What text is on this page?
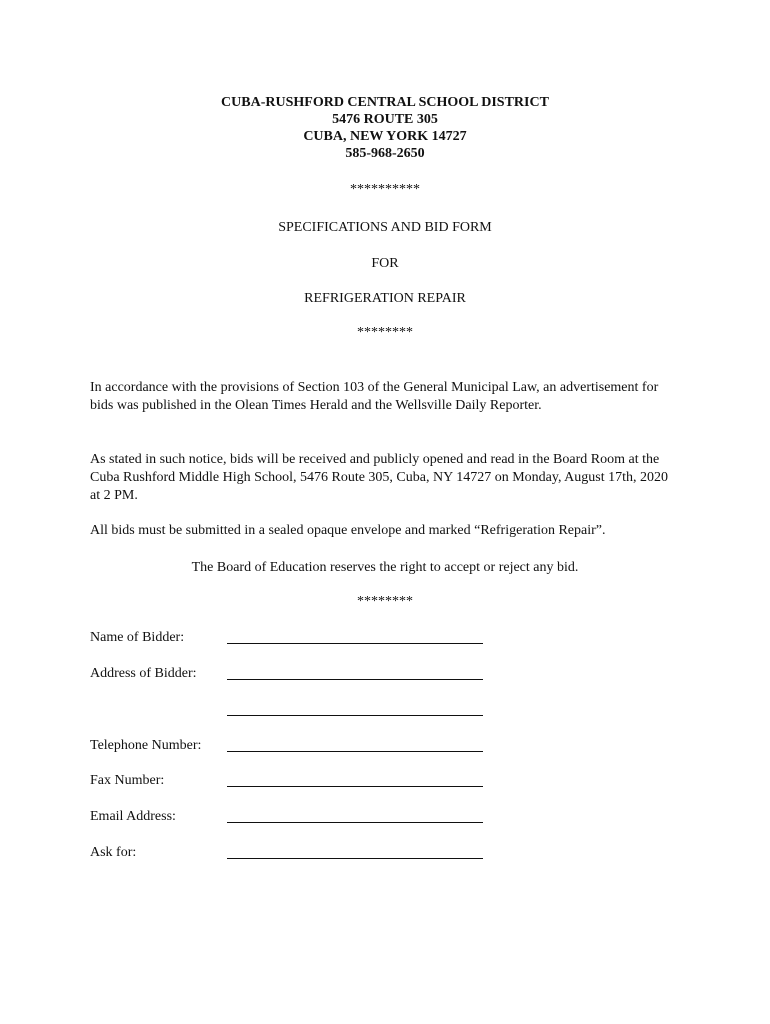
CUBA-RUSHFORD CENTRAL SCHOOL DISTRICT
5476 ROUTE 305
CUBA, NEW YORK 14727
585-968-2650
**********
SPECIFICATIONS AND BID FORM
FOR
REFRIGERATION REPAIR
********
In accordance with the provisions of Section 103 of the General Municipal Law, an advertisement for bids was published in the Olean Times Herald and the Wellsville Daily Reporter.
As stated in such notice, bids will be received and publicly opened and read in the Board Room at the Cuba Rushford Middle High School, 5476 Route 305, Cuba, NY 14727 on Monday, August 17th, 2020 at 2 PM.
All bids must be submitted in a sealed opaque envelope and marked “Refrigeration Repair”.
The Board of Education reserves the right to accept or reject any bid.
********
Name of Bidder:
Address of Bidder:
Telephone Number:
Fax Number:
Email Address:
Ask for:
